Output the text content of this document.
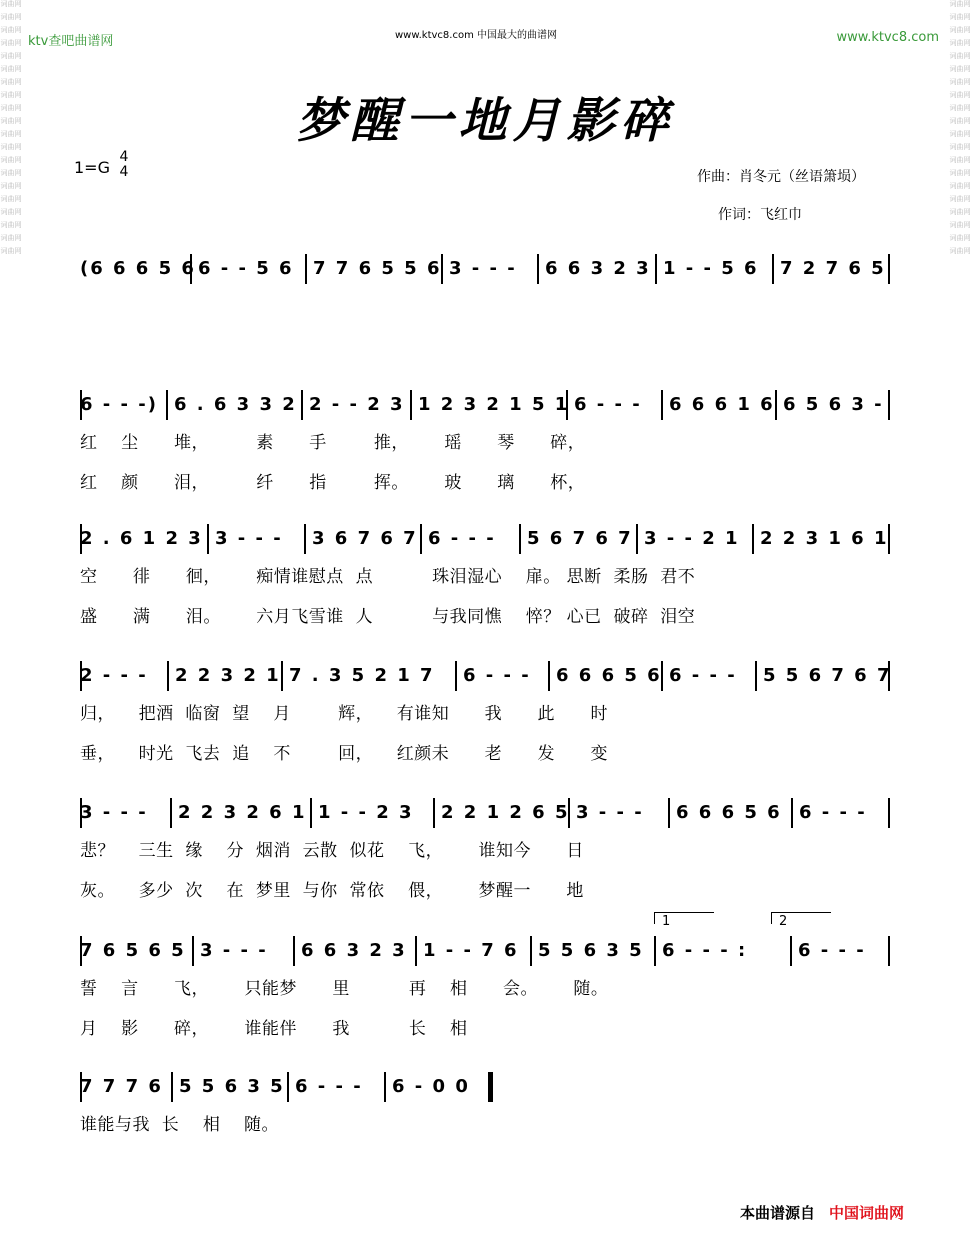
词曲网
词曲网
词曲网
词曲网
词曲网
词曲网
词曲网
词曲网
词曲网
词曲网
词曲网
词曲网
词曲网
词曲网
词曲网
词曲网
词曲网
词曲网
词曲网
词曲网
词曲网
词曲网
词曲网
词曲网
词曲网
词曲网
词曲网
词曲网
词曲网
词曲网
词曲网
词曲网
词曲网
词曲网
词曲网
词曲网
词曲网
词曲网
词曲网
词曲网
ktv查吧曲谱网	www.ktvc8.com 中国最大的曲谱网	www.ktvc8.com
梦醒一地月影碎
1=G
4
4	作曲：肖冬元（丝语箫埙）
作词：飞红巾
(6 6 6 5 6 6 - - 5 6 7 7 6 5 5 6 3 - - - 6 6 3 2 3 1 - - 5 6 7 2 7 6 5
6 - - -) 6 . 6 3 3 2 2 - - 2 3 1 2 3 2 1 5 1 6 - - - 6 6 6 1 6 6 5 6 3 -
红    尘      堆，        素      手        推，      瑶      琴      碎，
红    颜      泪，        纤      指        挥。      玻      璃      杯，
2 . 6 1 2 3 3 - - - 3 6 7 6 7 6 - - - 5 6 7 6 7 3 - - 2 1 2 2 3 1 6 1
空      徘      徊，      痴情谁慰点  点          珠泪湿心    扉。 思断  柔肠  君不
盛      满      泪。      六月飞雪谁  人          与我同憔    悴？ 心已  破碎  泪空
2 - - - 2 2 3 2 1 7 . 3 5 2 1 7 6 - - - 6 6 6 5 6 6 - - - 5 5 6 7 6 7
归，    把酒  临窗  望    月        辉，    有谁知      我      此      时
垂，    时光  飞去  追    不        回，    红颜未      老      发      变
3 - - - 2 2 3 2 6 1 1 - - 2 3 2 2 1 2 6 5 3 - - - 6 6 6 5 6 6 - - -
悲？    三生  缘    分  烟消  云散  似花    飞，      谁知今      日
灰。    多少  次    在  梦里  与你  常依    偎，      梦醒一      地
7 6 5 6 5 3 - - - 6 6 3 2 3 1 - - 7 6 5 5 6 3 5 6 - - - :	6 - - -
1	2
誓    言      飞，      只能梦      里          再    相      会。      随。
月    影      碎，      谁能伴      我          长    相
7 7 7 6 5 5 6 3 5 6 - - - 6 - 0 0
谁能与我  长    相    随。
本曲谱源自 中国词曲网
